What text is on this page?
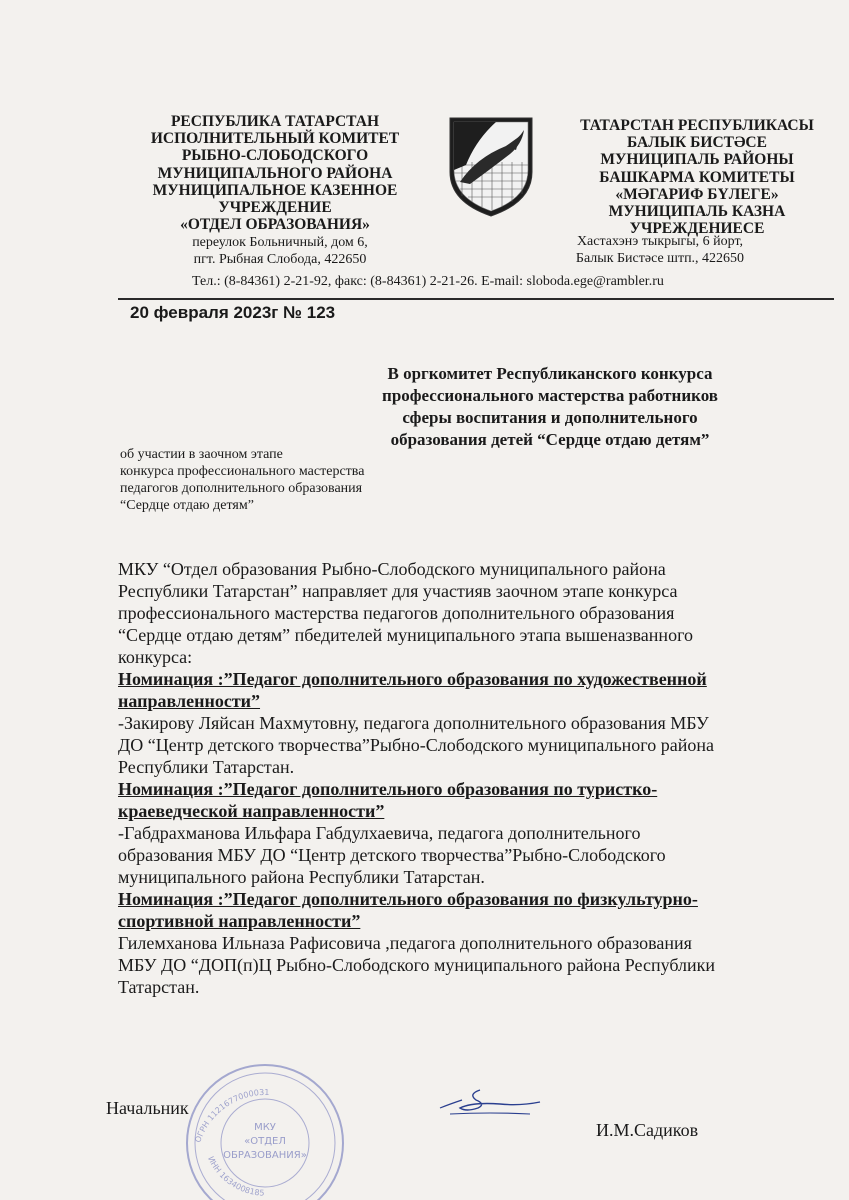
РЕСПУБЛИКА ТАТАРСТАН
ИСПОЛНИТЕЛЬНЫЙ КОМИТЕТ
РЫБНО-СЛОБОДСКОГО
МУНИЦИПАЛЬНОГО РАЙОНА
МУНИЦИПАЛЬНОЕ КАЗЕННОЕ
УЧРЕЖДЕНИЕ
«ОТДЕЛ ОБРАЗОВАНИЯ»
переулок Больничный, дом 6,
пгт. Рыбная Слобода, 422650
ТАТАРСТАН РЕСПУБЛИКАСЫ
БАЛЫК БИСТӘСЕ
МУНИЦИПАЛЬ РАЙОНЫ
БАШКАРМА КОМИТЕТЫ
«МӘГАРИФ БҮЛЕГЕ»
МУНИЦИПАЛЬ КАЗНА
УЧРЕЖДЕНИЕСЕ
Хастахэнэ тыкрыгы, 6 йорт,
Балык Бистәсе штп., 422650
Тел.: (8-84361) 2-21-92, факс: (8-84361) 2-21-26. E-mail: sloboda.ege@rambler.ru
20 февраля 2023г № 123
В оргкомитет Республиканского конкурса
профессионального мастерства работников
сферы воспитания и дополнительного
образования детей “Сердце отдаю детям”
об участии в заочном этапе
конкурса профессионального мастерства
педагогов дополнительного образования
“Сердце отдаю детям”
МКУ “Отдел образования Рыбно-Слободского муниципального района
Республики Татарстан” направляет для участияв заочном этапе конкурса
профессионального мастерства педагогов дополнительного образования
“Сердце отдаю детям” пбедителей муниципального этапа вышеназванного
конкурса:
Номинация :”Педагог дополнительного образования по художественной
направленности”
-Закирову Ляйсан Махмутовну, педагога дополнительного образования МБУ
ДО “Центр детского творчества”Рыбно-Слободского муниципального района
Республики Татарстан.
Номинация :”Педагог дополнительного образования по туристко-
краеведческой направленности”
-Габдрахманова Ильфара Габдулхаевича, педагога дополнительного
образования МБУ ДО “Центр детского творчества”Рыбно-Слободского
муниципального района Республики Татарстан.
Номинация :”Педагог дополнительного образования по физкультурно-
спортивной направленности”
Гилемханова Ильназа Рафисовича ,педагога дополнительного образования
МБУ ДО “ДОП(п)Ц Рыбно-Слободского муниципального района Республики
Татарстан.
ОГРН 1121677000031
ИНН 1634008185
МКУ
«ОТДЕЛ
ОБРАЗОВАНИЯ»
Начальник
И.М.Садиков
